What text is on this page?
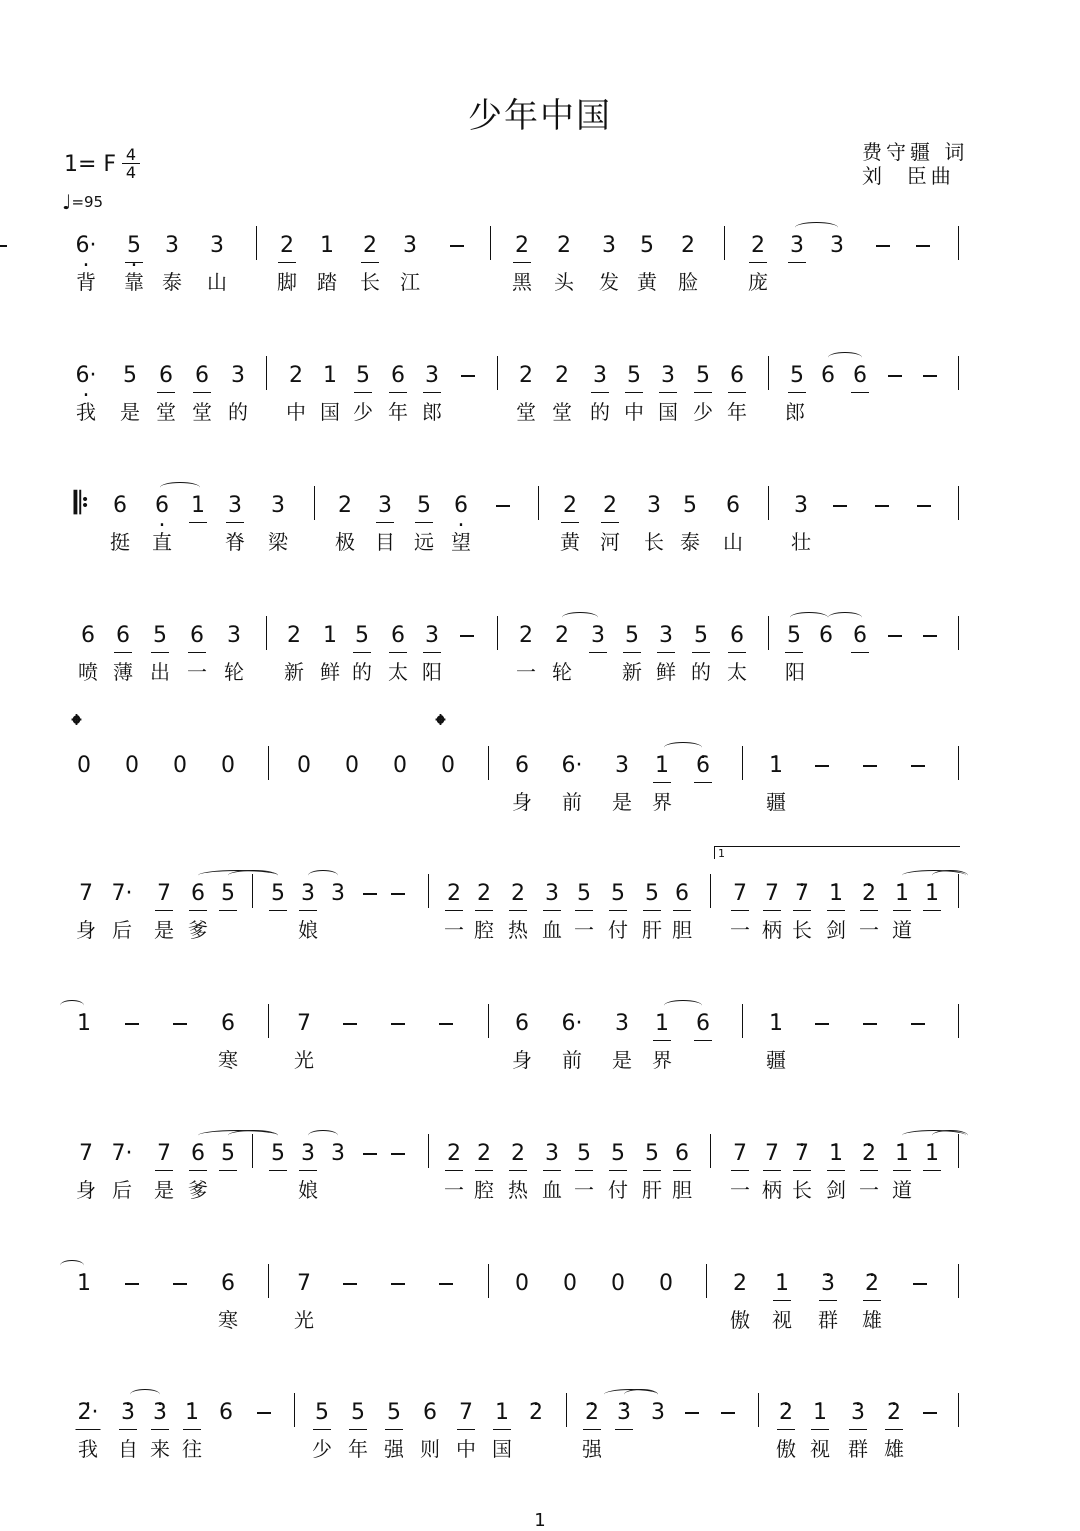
少年中国
费守疆 词
刘  臣曲
1= F 4
4
♩=95
. 6· . 5 3 3	2 1 2 3	2 2 3 5 2	2 3 3
背 靠 泰 山	脚 踏 长 江	黑 头 发 黄 脸	庞
. 6· 5 6 6 3 2 1 5 6 3	2 2 3 5 3 5 6 5 6 6
我 是 堂 堂 的 中 国 少 年 郎	堂 堂 的 中 国 少 年 郎
6 . 6 1 3 3 2 3 5 . 6	2 2 3 5 6 3
𝄆
挺 直	脊 梁 极 目 远 望	黄 河 长 泰 山 壮
6 6 5 6 3 2 1 5 6 3	2 2 3 5 3 5 6 5 6 6
喷 薄 出 一 轮 新 鲜 的 太 阳	一 轮	新 鲜 的 太 阳
0 0 0 0	0 0 0 0	6 6· 3 1 . 6	. 1
身 前 是 界	疆
7 7· 7 6 5 5 3 3	2 2 2 3 5 5 5 6 7 7 . 7 . 1 . 2 . 1 . 1
身 后 是 爹	娘	一 腔 热 血 一 付 肝 胆 一 柄 长 剑 一 道
. 1	6	7	6 6· 3 1 6	. 1
寒	光	身 前 是 界	疆
7 7· 7 6 5 5 3 3	2 2 2 3 5 5 5 6 7 7 . 7 . 1 . 2 . 1 . 1
身 后 是 爹	娘	一 腔 热 血 一 付 肝 胆 一 柄 长 剑 一 道
. 1	6	7	0 0 0 0	2 . 1 . 3 . 2
寒	光	傲 视 群 雄
. 2· . 3 . 3 . 1 6	5 5 5 6 7 1 . 2 . 2 . 3 3	. 2 . 1 . 3 . 2
我 自 来 往	少 年 强 则 中 国	强	傲 视 群 雄
1
1
𝄌	𝄌
